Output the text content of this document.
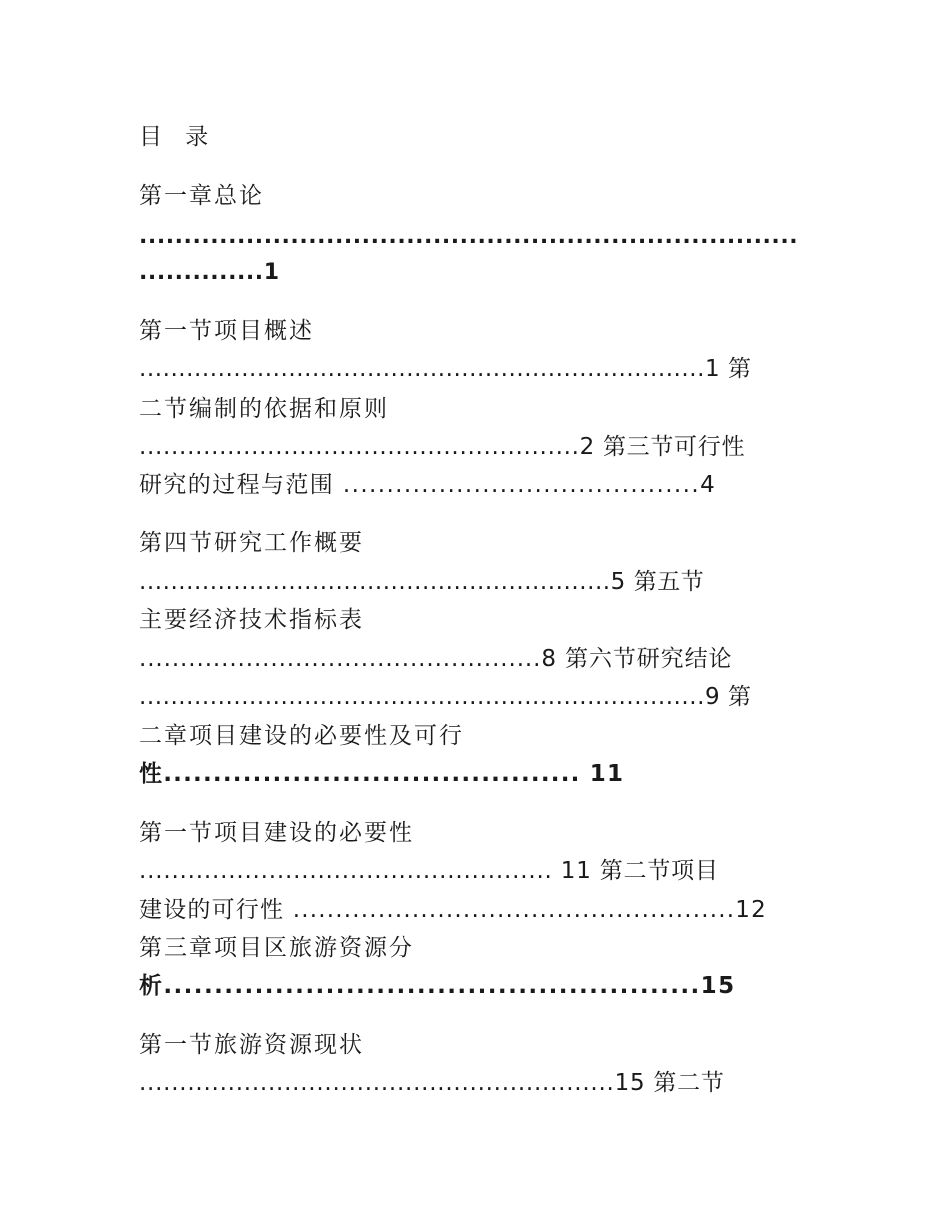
目 录

第一章总论

..........................................................................

..............1

第一节项目概述

........................................................................1 第

二节编制的依据和原则

.......................................................2 第三节可行性

研究的过程与范围 .........................................4

第四节研究工作概要

............................................................5 第五节

主要经济技术指标表

.................................................8 第六节研究结论

........................................................................9 第

二章项目建设的必要性及可行

性.......................................... 11

第一节项目建设的必要性

................................................... 11 第二节项目

建设的可行性 ....................................................12

第三章项目区旅游资源分

析.....................................................15

第一节旅游资源现状

...........................................................15 第二节
